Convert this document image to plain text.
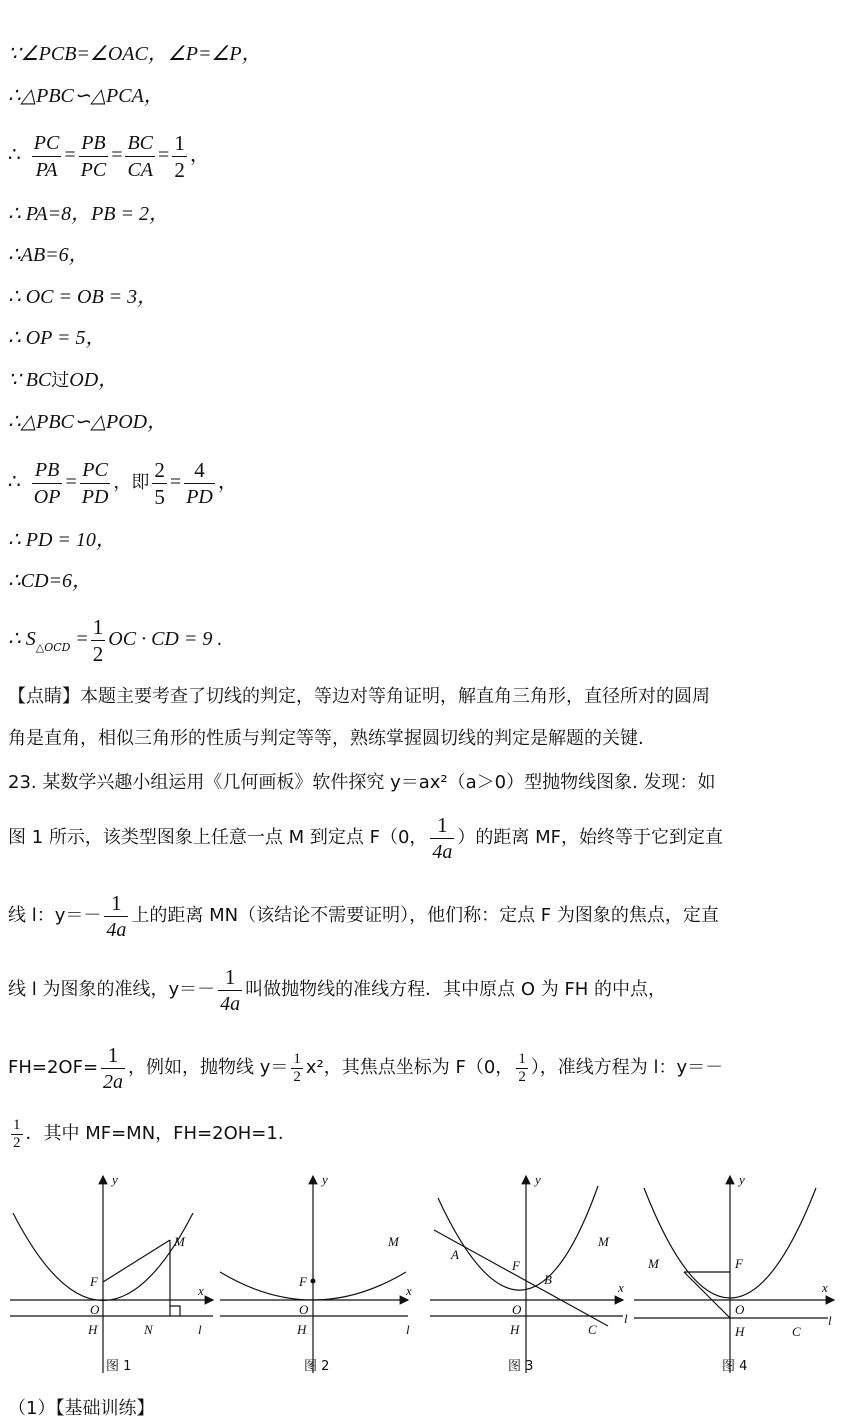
∵∠PCB=∠OAC，∠P=∠P，
∴△PBC∽△PCA，
∴ $\frac{PC}{PA} = \frac{PB}{PC} = \frac{BC}{CA} = \frac{1}{2}$ ，
∴ PA=8，PB = 2，
∴AB=6，
∴ OC = OB = 3，
∴ OP = 5，
∵ BC过OD，
∴△PBC∽△POD，
∴ $\frac{PB}{OP} = \frac{PC}{PD}$ ，即 $\frac{2}{5} = \frac{4}{PD}$ ，
∴ PD = 10，
∴CD=6，
∴ $S_{\triangle OCD} = \frac{1}{2}$ OC · CD = 9 .
【点睛】本题主要考查了切线的判定，等边对等角证明，解直角三角形，直径所对的圆周
角是直角，相似三角形的性质与判定等等，熟练掌握圆切线的判定是解题的关键.
23. 某数学兴趣小组运用《几何画板》软件探究 y＝ax²（a＞0）型抛物线图象. 发现：如
图 1 所示，该类型图象上任意一点 M 到定点 F（0， $\frac{1}{4a}$ ）的距离 MF，始终等于它到定直
线 l：$y=- \frac{1}{4a}$ 上的距离 MN（该结论不需要证明），他们称：定点 F 为图象的焦点，定直
线 l 为图象的准线，$y=- \frac{1}{4a}$ 叫做抛物线的准线方程．其中原点 O 为 FH 的中点，
$FH=2OF= \frac{1}{2a}$ ，例如，抛物线 $y= \frac{1}{2} x^2$，其焦点坐标为 F（0， $\frac{1}{2}$ ），准线方程为 l：y＝－
$\frac{1}{2}$ ．其中 MF=MN，FH=2OH=1.
y
x
M
F
O
H	N	l
图 1
y
x
M
F
O
H	l
图 2
y
x
M
A
F
B
O
H	C
l
图 3
y
x
M	F
O
H	C
l
图 4
（1）【基础训练】
